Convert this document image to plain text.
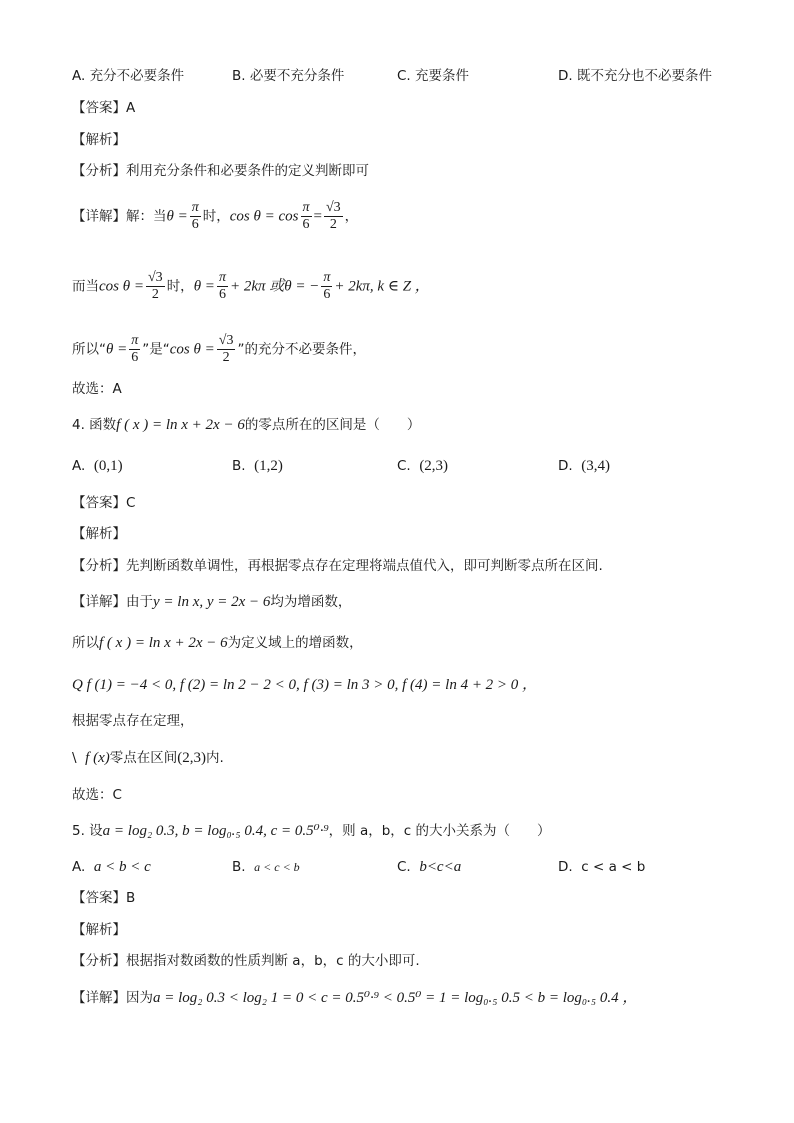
A. 充分不必要条件	B. 必要不充分条件	C. 充要条件	D. 既不充分也不必要条件
【答案】A
【解析】
【分析】利用充分条件和必要条件的定义判断即可
【详解】解：当$\theta = \frac{\pi}{6}$ 时，$\cos \theta = \cos \frac{\pi}{6} = \frac{√3}{2}$ ，
而当$\cos \theta = \frac{√3}{2}$ 时，$\theta = \frac{\pi}{6} + 2k\pi$ 或θ = − $\frac{\pi}{6} + 2k\pi$, k ∈ Z ，
所以“$\theta = \frac{\pi}{6}$ ”是“cos $\theta = \frac{√3}{2}$ ”的充分不必要条件，
故选：A
4. 函数f ( x ) = ln x + 2x − 6的零点所在的区间是（　　）
A. (0,1)	B. (1,2)	C. (2,3)	D. (3,4)
【答案】C
【解析】
【分析】先判断函数单调性，再根据零点存在定理将端点值代入，即可判断零点所在区间.
【详解】由于y = ln x, y = 2x − 6均为增函数，
所以f ( x ) = ln x + 2x − 6为定义域上的增函数，
Q f (1) = −4 < 0, f (2) = ln 2 − 2 < 0, f (3) = ln 3 > 0, f (4) = ln 4 + 2 > 0 ，
根据零点存在定理，
\ f (x)零点在区间(2,3)内.
故选：C
5. 设a = log₂ 0.3, b = log₀.₅ 0.4, c = 0.5⁰·⁹，则 a，b，c 的大小关系为（　　）
A. a < b < c	B. a < c < b	C. b<c<a	D. c < a < b
【答案】B
【解析】
【分析】根据指对数函数的性质判断 a，b，c 的大小即可.
【详解】因为a = log₂ 0.3 < log₂ 1 = 0 < c = 0.5⁰·⁹ < 0.5⁰ = 1 = log₀.₅ 0.5 < b = log₀.₅ 0.4 ，
